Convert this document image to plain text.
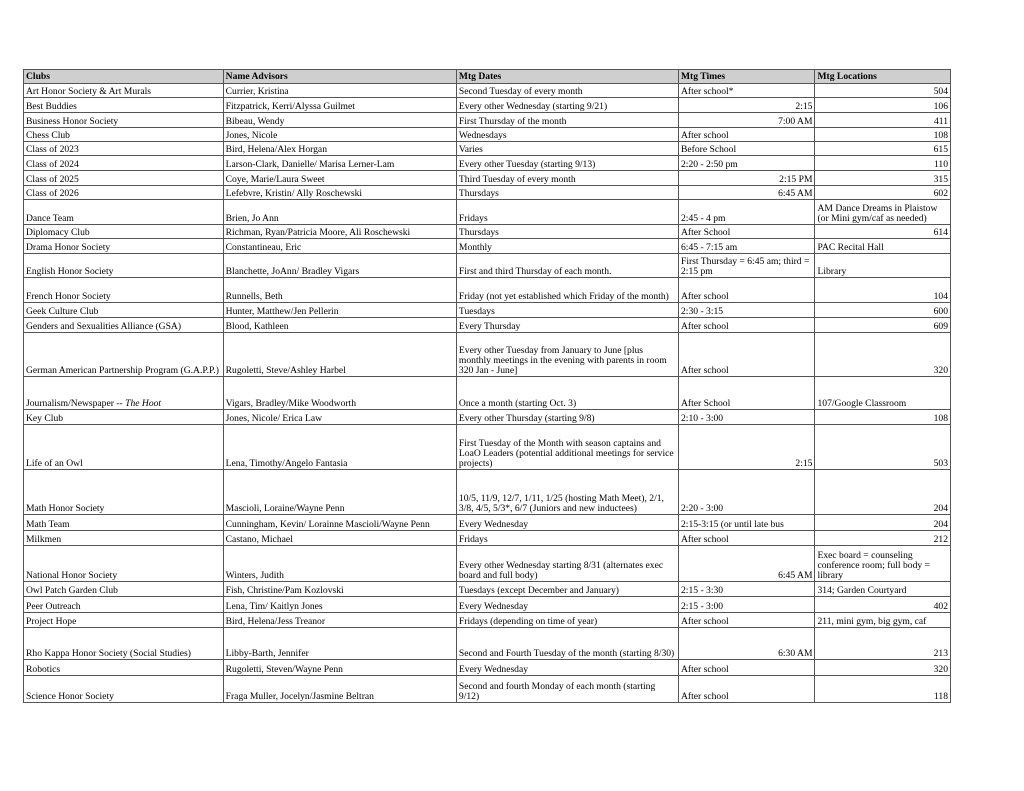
Clubs	Name Advisors	Mtg Dates	Mtg Times	Mtg Locations
Art Honor Society & Art Murals	Currier, Kristina	Second Tuesday of every month	After school*	504
Best Buddies	Fitzpatrick, Kerri/Alyssa Guilmet	Every other Wednesday (starting 9/21)	2:15	106
Business Honor Society	Bibeau, Wendy	First Thursday of the month	7:00 AM	411
Chess Club	Jones, Nicole	Wednesdays	After school	108
Class of 2023	Bird, Helena/Alex Horgan	Varies	Before School	615
Class of 2024	Larson-Clark, Danielle/ Marisa Lerner-Lam	Every other Tuesday (starting 9/13)	2:20 - 2:50 pm	110
Class of 2025	Coye, Marie/Laura Sweet	Third Tuesday of every month	2:15 PM	315
Class of 2026	Lefebvre, Kristin/ Ally Roschewski	Thursdays	6:45 AM	602
Dance Team	Brien, Jo Ann	Fridays	2:45 - 4 pm	AM Dance Dreams in Plaistow (or Mini gym/caf as needed)
Diplomacy Club	Richman, Ryan/Patricia Moore, Ali Roschewski	Thursdays	After School	614
Drama Honor Society	Constantineau, Eric	Monthly	6:45 - 7:15 am	PAC Recital Hall
English Honor Society	Blanchette, JoAnn/ Bradley Vigars	First and third Thursday of each month.	First Thursday = 6:45 am; third = 2:15 pm	Library
French Honor Society	Runnells, Beth	Friday (not yet established which Friday of the month)	After school	104
Geek Culture Club	Hunter, Matthew/Jen Pellerin	Tuesdays	2:30 - 3:15	600
Genders and Sexualities Alliance (GSA)	Blood, Kathleen	Every Thursday	After school	609
German American Partnership Program (G.A.P.P.)	Rugoletti, Steve/Ashley Harbel	Every other Tuesday from January to June [plus monthly meetings in the evening with parents in room 320 Jan - June]	After school	320
Journalism/Newspaper -- The Hoot	Vigars, Bradley/Mike Woodworth	Once a month (starting Oct. 3)	After School	107/Google Classroom
Key Club	Jones, Nicole/ Erica Law	Every other Thursday (starting 9/8)	2:10 - 3:00	108
Life of an Owl	Lena, Timothy/Angelo Fantasia	First Tuesday of the Month with season captains and LoaO Leaders (potential additional meetings for service projects)	2:15	503
Math Honor Society	Mascioli, Loraine/Wayne Penn	10/5, 11/9, 12/7, 1/11, 1/25 (hosting Math Meet), 2/1, 3/8, 4/5, 5/3*, 6/7 (Juniors and new inductees)	2:20 - 3:00	204
Math Team	Cunningham, Kevin/ Lorainne Mascioli/Wayne Penn	Every Wednesday	2:15-3:15 (or until late bus	204
Milkmen	Castano, Michael	Fridays	After school	212
National Honor Society	Winters, Judith	Every other Wednesday starting 8/31 (alternates exec board and full body)	6:45 AM	Exec board = counseling conference room; full body = library
Owl Patch Garden Club	Fish, Christine/Pam Kozlovski	Tuesdays (except December and January)	2:15 - 3:30	314; Garden Courtyard
Peer Outreach	Lena, Tim/ Kaitlyn Jones	Every Wednesday	2:15 - 3:00	402
Project Hope	Bird, Helena/Jess Treanor	Fridays (depending on time of year)	After school	211, mini gym, big gym, caf
Rho Kappa Honor Society (Social Studies)	Libby-Barth, Jennifer	Second and Fourth Tuesday of the month (starting 8/30)	6:30 AM	213
Robotics	Rugoletti, Steven/Wayne Penn	Every Wednesday	After school	320
Science Honor Society	Fraga Muller, Jocelyn/Jasmine Beltran	Second and fourth Monday of each month (starting 9/12)	After school	118
